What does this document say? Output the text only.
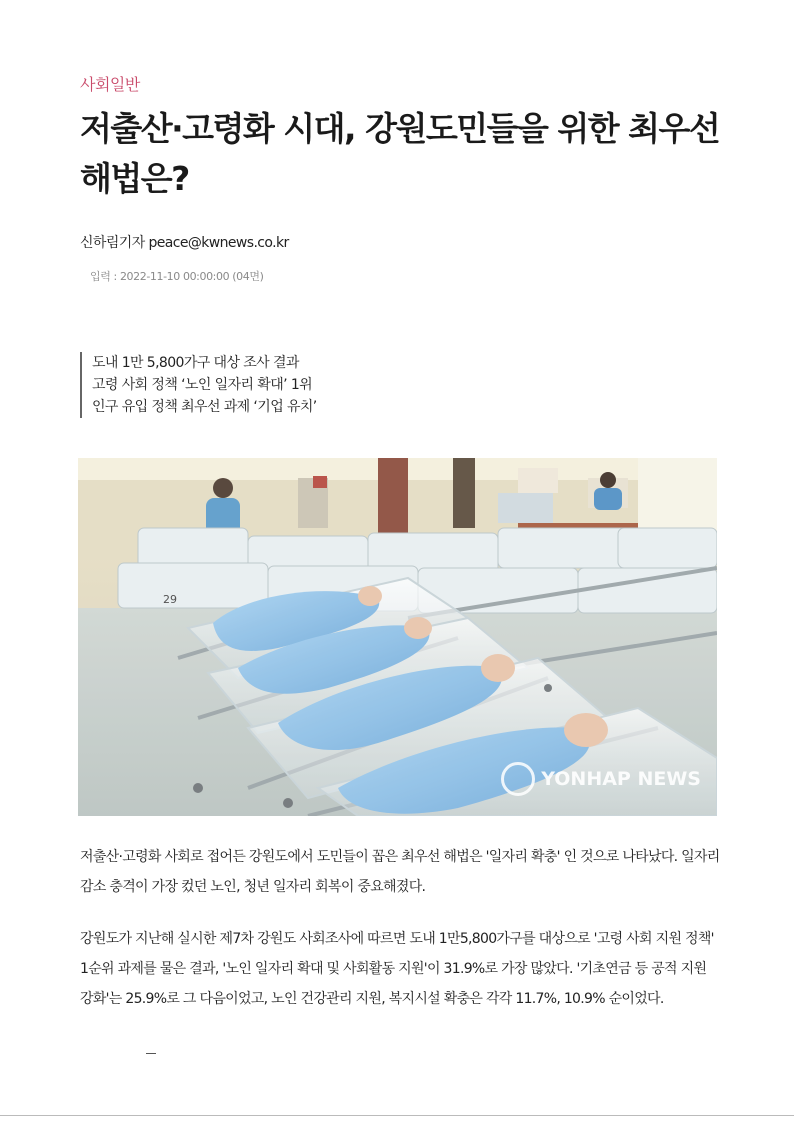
사회일반
저출산·고령화 시대, 강원도민들을 위한 최우선 해법은?
신하림기자 peace@kwnews.co.kr
입력 : 2022-11-10 00:00:00 (04면)
도내 1만 5,800가구 대상 조사 결과
고령 사회 정책 ‘노인 일자리 확대’ 1위
인구 유입 정책 최우선 과제 ‘기업 유치’
29
YONHAP NEWS

저출산·고령화 사회로 접어든 강원도에서 도민들이 꼽은 최우선 해법은 '일자리 확충' 인 것으로 나타났다. 일자리 감소 충격이 가장 컸던 노인, 청년 일자리 회복이 중요해졌다.

강원도가 지난해 실시한 제7차 강원도 사회조사에 따르면 도내 1만5,800가구를 대상으로 '고령 사회 지원 정책' 1순위 과제를 물은 결과, '노인 일자리 확대 및 사회활동 지원'이 31.9%로 가장 많았다. '기초연금 등 공적 지원 강화'는 25.9%로 그 다음이었고, 노인 건강관리 지원, 복지시설 확충은 각각 11.7%, 10.9% 순이었다.
